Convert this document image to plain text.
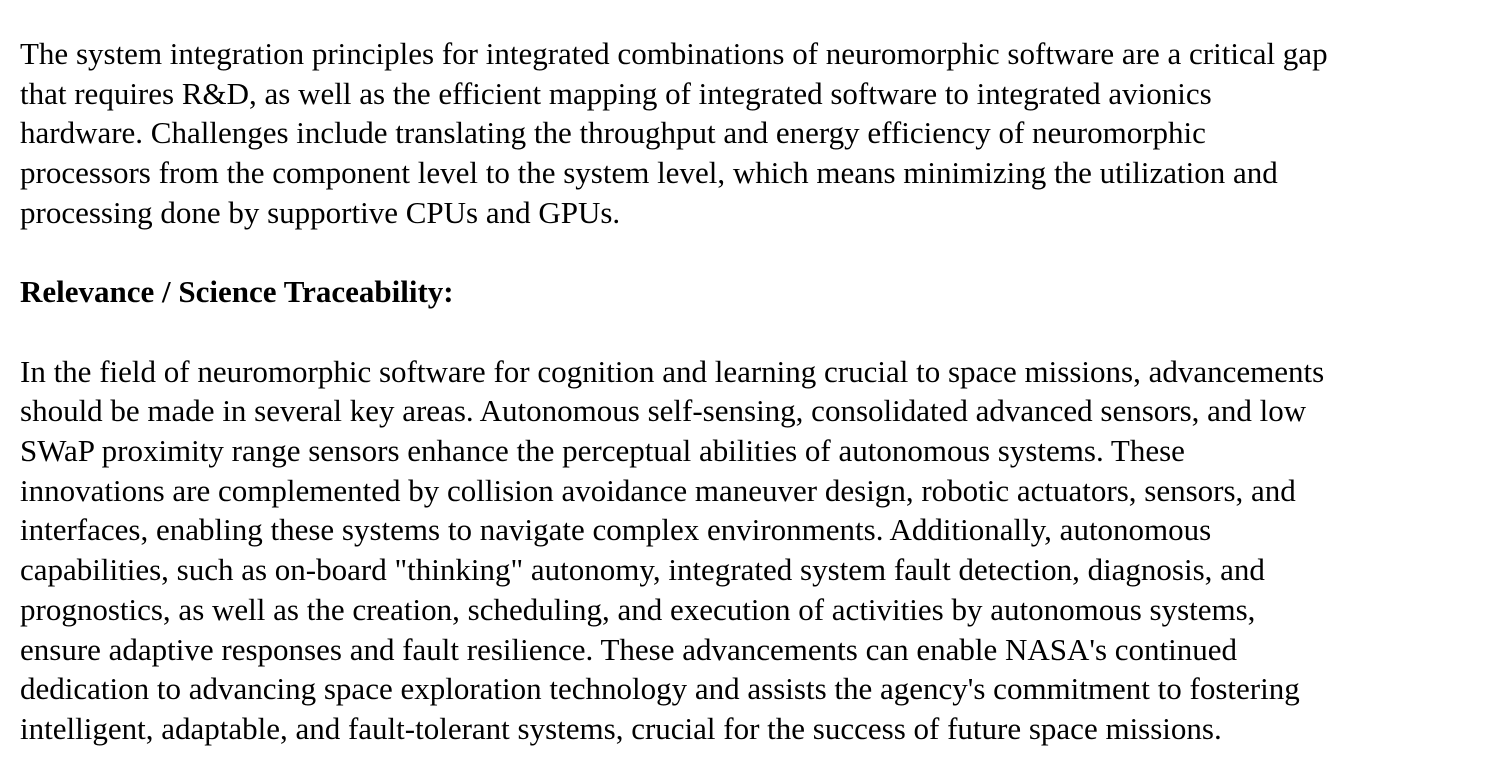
The system integration principles for integrated combinations of neuromorphic software are a critical gap
that requires R&D, as well as the efficient mapping of integrated software to integrated avionics
hardware. Challenges include translating the throughput and energy efficiency of neuromorphic
processors from the component level to the system level, which means minimizing the utilization and
processing done by supportive CPUs and GPUs.

Relevance / Science Traceability:

In the field of neuromorphic software for cognition and learning crucial to space missions, advancements
should be made in several key areas. Autonomous self-sensing, consolidated advanced sensors, and low
SWaP proximity range sensors enhance the perceptual abilities of autonomous systems. These
innovations are complemented by collision avoidance maneuver design, robotic actuators, sensors, and
interfaces, enabling these systems to navigate complex environments. Additionally, autonomous
capabilities, such as on-board "thinking" autonomy, integrated system fault detection, diagnosis, and
prognostics, as well as the creation, scheduling, and execution of activities by autonomous systems,
ensure adaptive responses and fault resilience. These advancements can enable NASA's continued
dedication to advancing space exploration technology and assists the agency's commitment to fostering
intelligent, adaptable, and fault-tolerant systems, crucial for the success of future space missions.
